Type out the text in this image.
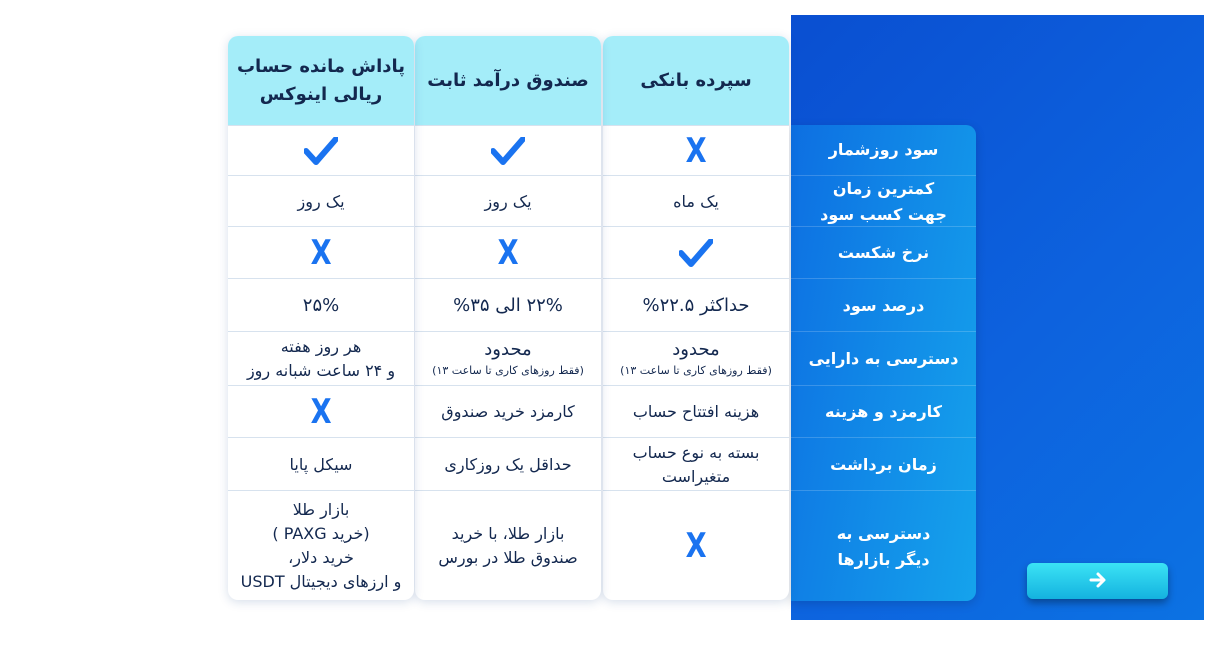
سود روزشمار
کمترین زمان
جهت کسب سود
نرخ شکست
درصد سود
دسترسی به دارایی
کارمزد و هزینه
زمان برداشت
دسترسی به
دیگر بازارها
سپرده بانکی
X
یک ماه
حداکثر ۲۲.۵%
محدود
(فقط روزهای کاری تا ساعت ۱۳)
هزینه افتتاح حساب
بسته به نوع حساب
متغیراست
X
صندوق درآمد ثابت
یک روز
X
۲۲% الی ۳۵%
محدود
(فقط روزهای کاری تا ساعت ۱۳)
کارمزد خرید صندوق
حداقل یک روزکاری
بازار طلا، با خرید
صندوق طلا در بورس
پاداش مانده حساب
ریالی اینوکس
یک روز
X
۲۵%
هر روز هفته
و ۲۴ ساعت شبانه روز
X
سیکل پایا
بازار طلا
(خرید PAXG )
خرید دلار،
و ارزهای دیجیتال USDT
